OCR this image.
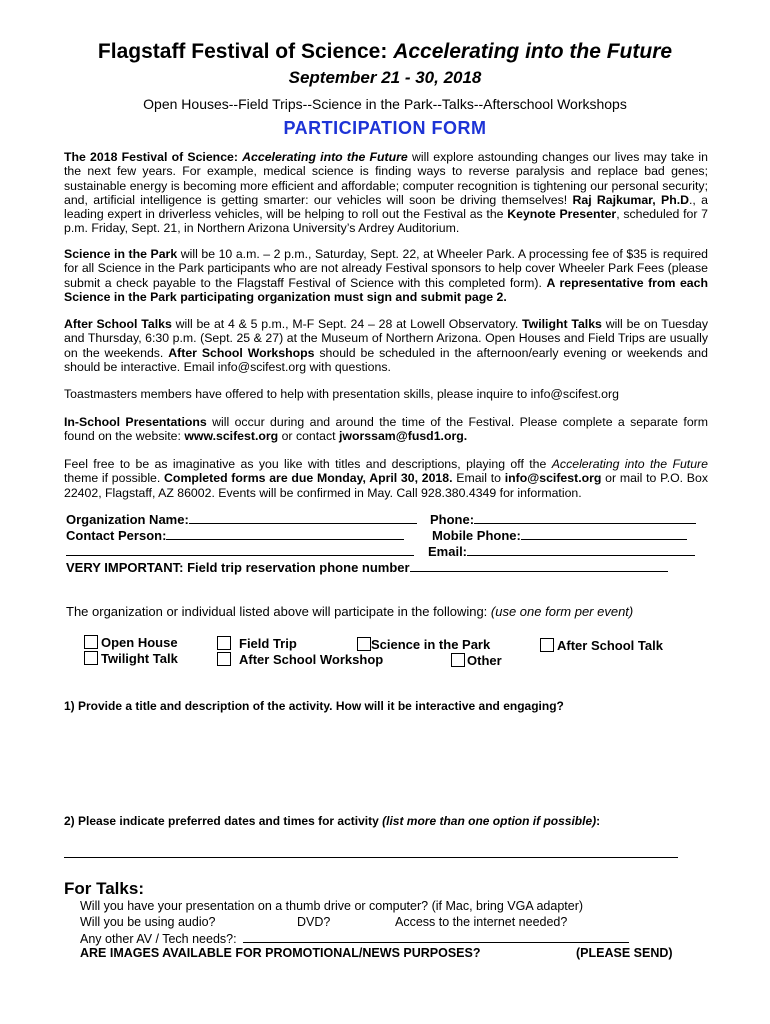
Flagstaff Festival of Science: Accelerating into the Future
September 21 - 30, 2018
Open Houses--Field Trips--Science in the Park--Talks--Afterschool Workshops
PARTICIPATION FORM
The 2018 Festival of Science: Accelerating into the Future will explore astounding changes our lives may take in the next few years. For example, medical science is finding ways to reverse paralysis and replace bad genes; sustainable energy is becoming more efficient and affordable; computer recognition is tightening our personal security; and, artificial intelligence is getting smarter: our vehicles will soon be driving themselves! Raj Rajkumar, Ph.D., a leading expert in driverless vehicles, will be helping to roll out the Festival as the Keynote Presenter, scheduled for 7 p.m. Friday, Sept. 21, in Northern Arizona University’s Ardrey Auditorium.
Science in the Park will be 10 a.m. – 2 p.m., Saturday, Sept. 22, at Wheeler Park. A processing fee of $35 is required for all Science in the Park participants who are not already Festival sponsors to help cover Wheeler Park Fees (please submit a check payable to the Flagstaff Festival of Science with this completed form). A representative from each Science in the Park participating organization must sign and submit page 2.
After School Talks will be at 4 & 5 p.m., M-F Sept. 24 – 28 at Lowell Observatory. Twilight Talks will be on Tuesday and Thursday, 6:30 p.m. (Sept. 25 & 27) at the Museum of Northern Arizona. Open Houses and Field Trips are usually on the weekends. After School Workshops should be scheduled in the afternoon/early evening or weekends and should be interactive. Email info@scifest.org with questions.
Toastmasters members have offered to help with presentation skills, please inquire to info@scifest.org
In-School Presentations will occur during and around the time of the Festival. Please complete a separate form found on the website: www.scifest.org or contact jworssam@fusd1.org.
Feel free to be as imaginative as you like with titles and descriptions, playing off the Accelerating into the Future theme if possible. Completed forms are due Monday, April 30, 2018. Email to info@scifest.org or mail to P.O. Box 22402, Flagstaff, AZ 86002. Events will be confirmed in May. Call 928.380.4349 for information.
Organization Name:	Phone:
Contact Person:	Mobile Phone:
Email:
VERY IMPORTANT: Field trip reservation phone number
The organization or individual listed above will participate in the following: (use one form per event)
Open House
Twilight Talk
Field Trip
After School Workshop
Science in the Park
Other
After School Talk
1) Provide a title and description of the activity. How will it be interactive and engaging?
2) Please indicate preferred dates and times for activity (list more than one option if possible):
For Talks:
Will you have your presentation on a thumb drive or computer? (if Mac, bring VGA adapter)
Will you be using audio?	DVD?	Access to the internet needed?
Any other AV / Tech needs?:
ARE IMAGES AVAILABLE FOR PROMOTIONAL/NEWS PURPOSES?	(PLEASE SEND)
